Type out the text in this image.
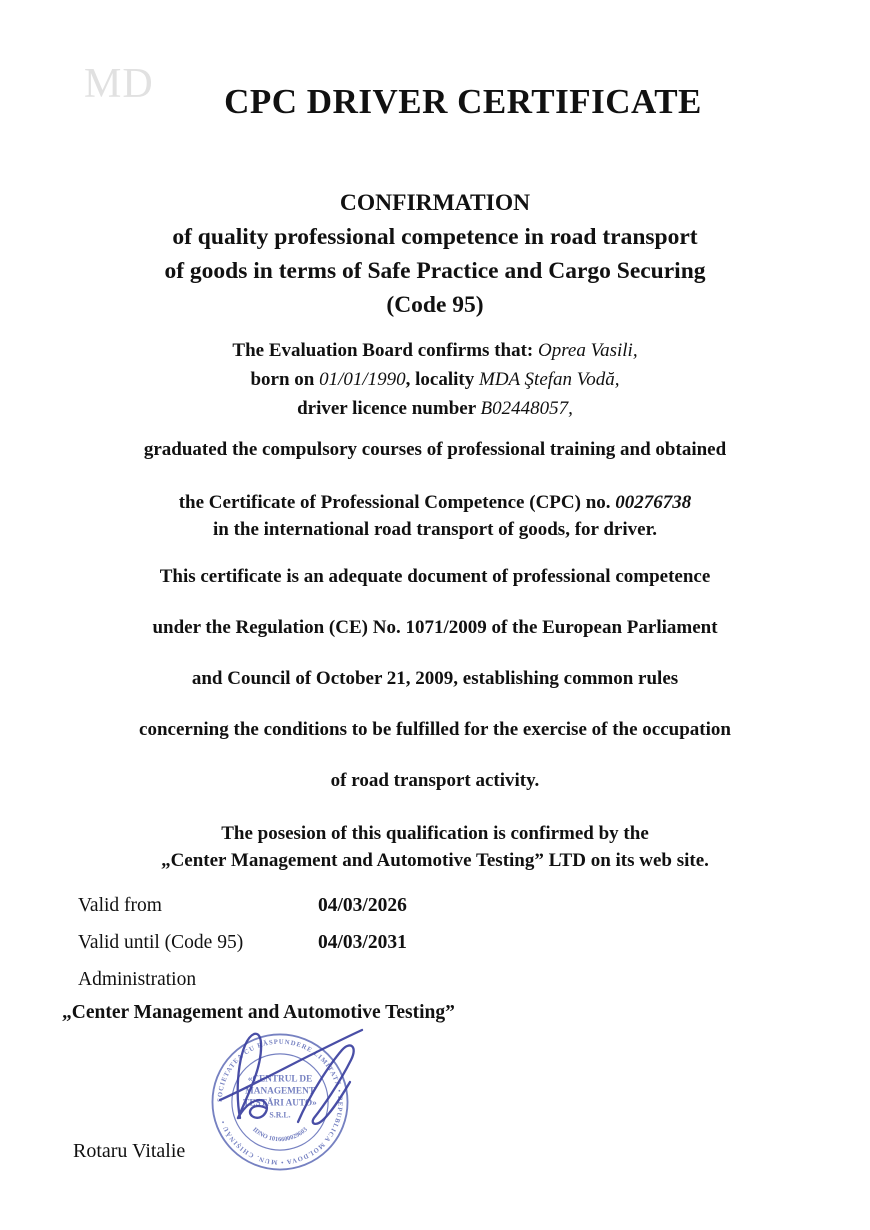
MD	CPC DRIVER CERTIFICATE
CONFIRMATION
of quality professional competence in road transport
of goods in terms of Safe Practice and Cargo Securing
(Code 95)
The Evaluation Board confirms that: Oprea Vasili,
born on 01/01/1990, locality MDA Ştefan Vodă,
driver licence number B02448057,
graduated the compulsory courses of professional training and obtained
the Certificate of Professional Competence (CPC) no. 00276738
in the international road transport of goods, for driver.
This certificate is an adequate document of professional competence
under the Regulation (CE) No. 1071/2009 of the European Parliament
and Council of October 21, 2009, establishing common rules
concerning the conditions to be fulfilled for the exercise of the occupation
of road transport activity.
The posesion of this qualification is confirmed by the
„Center Management and Automotive Testing” LTD on its web site.
Valid from	04/03/2026
Valid until (Code 95)	04/03/2031
Administration
„Center Management and Automotive Testing”
SOCIETATEA CU RĂSPUNDERE LIMITATĂ • REPUBLICA MOLDOVA • MUN. CHIŞINĂU •
«CENTRUL DE
MANAGEMENT
TESTĂRI AUTO»
S.R.L.
IDNO 1016600029603
Rotaru Vitalie
